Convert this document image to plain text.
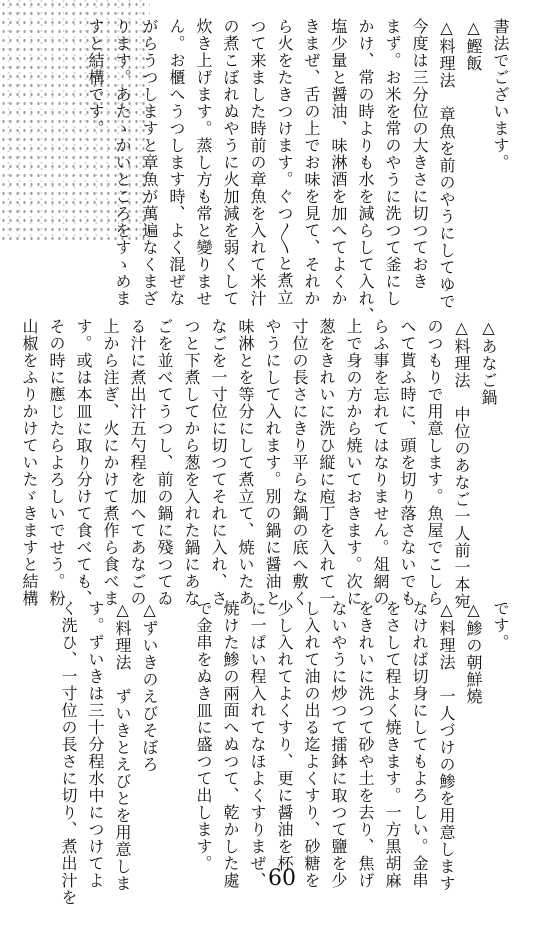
書法でございます。
△鰹飯
△料理法　章魚を前のやうにしてゆで
今度は三分位の大きさに切つておき
まず。お米を常のやうに洗つて釜にし
かけ、常の時よりも水を減らして入れ、
塩少量と醤油、味淋酒を加へてよくか
きまぜ、舌の上でお味を見て、それか
ら火をたきつけます。ぐつ〳〵と煮立
つて来ました時前の章魚を入れて米汁
の煮こぼれぬやうに火加減を弱くして
炊き上げます。蒸し方も常と變りませ
ん。お櫃へうつします時、よく混ぜな
がらうつしますと章魚が萬遍なくまざ
ります。あたゝかいところをすゝめま
すと結構です。

△あなご鍋
△料理法　中位のあなご一人前一本宛
のつもりで用意します。魚屋でこしら
へて貰ふ時に、頭を切り落さないでも
らふ事を忘れてはなりません。俎網の
上で身の方から焼いておきます。次に
葱をきれいに洗ひ縦に庖丁を入れて一
寸位の長さにきり平らな鍋の底へ敷く
やうにして入れます。別の鍋に醤油と
味淋とを等分にして煮立て、焼いたあ
なごを一寸位に切つてそれに入れ、さ
つと下煮してから葱を入れた鍋にあな
ごを並べてうつし、前の鍋に殘つてゐ
る汁に煮出汁五勺程を加へてあなごの
上から注ぎ、火にかけて煮作ら食べま
す。或は本皿に取り分けて食べても、
その時に應じたらよろしいでせう。粉
山椒をふりかけていたゞきますと結構

です。
△鯵の朝鮮燒
△料理法　一人づけの鯵を用意します
なければ切身にしてもよろしい。金串
をさして程よく焼きます。一方黒胡麻
をきれいに洗つて砂や土を去り、焦げ
ないやうに炒つて擂鉢に取つて鹽を少
し入れて油の出る迄よくすり、砂糖を
少し入れてよくすり、更に醤油を杯
に一ぱい程入れてなほよくすりまぜ、
焼けた鯵の兩面へぬつて、乾かした處
で金串をぬき皿に盛つて出します。

△ずいきのえびそぼろ
△料理法　ずいきとえびとを用意しま
す。ずいきは三十分程水中につけてよ
く洗ひ、一寸位の長さに切り、煮出汁を	60
